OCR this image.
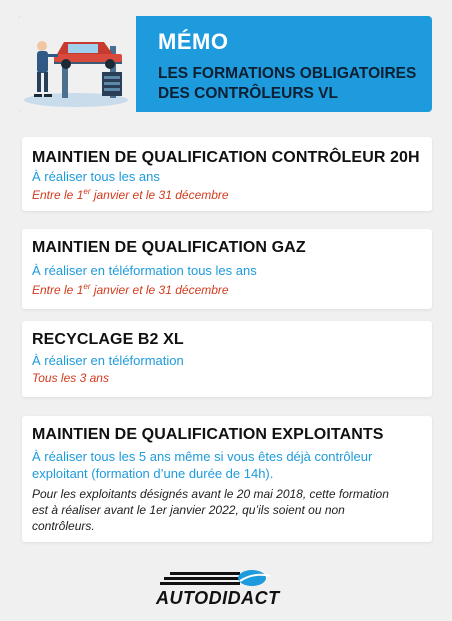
MÉMO
LES FORMATIONS OBLIGATOIRES
DES CONTRÔLEURS VL
MAINTIEN DE QUALIFICATION CONTRÔLEUR 20H
À réaliser tous les ans
Entre le 1er janvier et le 31 décembre
MAINTIEN DE QUALIFICATION GAZ
À réaliser en téléformation tous les ans
Entre le 1er janvier et le 31 décembre
RECYCLAGE B2 XL
À réaliser en téléformation
Tous les 3 ans
MAINTIEN DE QUALIFICATION EXPLOITANTS
À réaliser tous les 5 ans même si vous êtes déjà contrôleur
exploitant (formation d’une durée de 14h).
Pour les exploitants désignés avant le 20 mai 2018, cette formation
est à réaliser avant le 1er janvier 2022, qu’ils soient ou non
contrôleurs.
AUTODIDACT
